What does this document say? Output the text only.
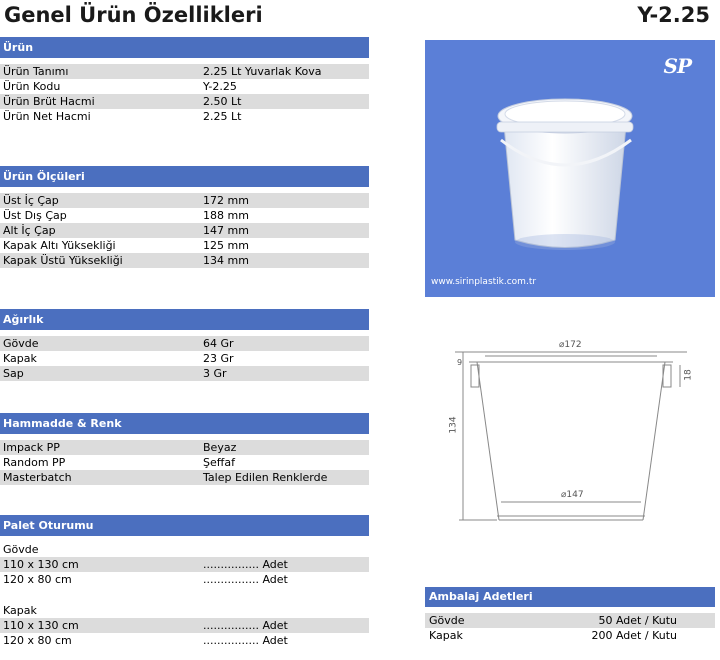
Genel Ürün Özellikleri	Y-2.25
Ürün
Ürün Tanımı	2.25 Lt Yuvarlak Kova
Ürün Kodu	Y-2.25
Ürün Brüt Hacmi	2.50 Lt
Ürün Net Hacmi	2.25 Lt
Ürün Ölçüleri
Üst İç Çap	172 mm
Üst Dış Çap	188 mm
Alt İç Çap	147 mm
Kapak Altı Yüksekliği	125 mm
Kapak Üstü Yüksekliği	134 mm
Ağırlık
Gövde	64 Gr
Kapak	23 Gr
Sap	3 Gr
Hammadde & Renk
Impack PP	Beyaz
Random PP	Şeffaf
Masterbatch	Talep Edilen Renklerde
Palet Oturumu
Gövde
110 x 130 cm	................ Adet
120 x 80 cm	................ Adet
Kapak
110 x 130 cm	................ Adet
120 x 80 cm	................ Adet
SP
www.sirinplastik.com.tr
⌀172
⌀147
134
18
9
Ambalaj Adetleri
Gövde	50 Adet / Kutu
Kapak	200 Adet / Kutu
